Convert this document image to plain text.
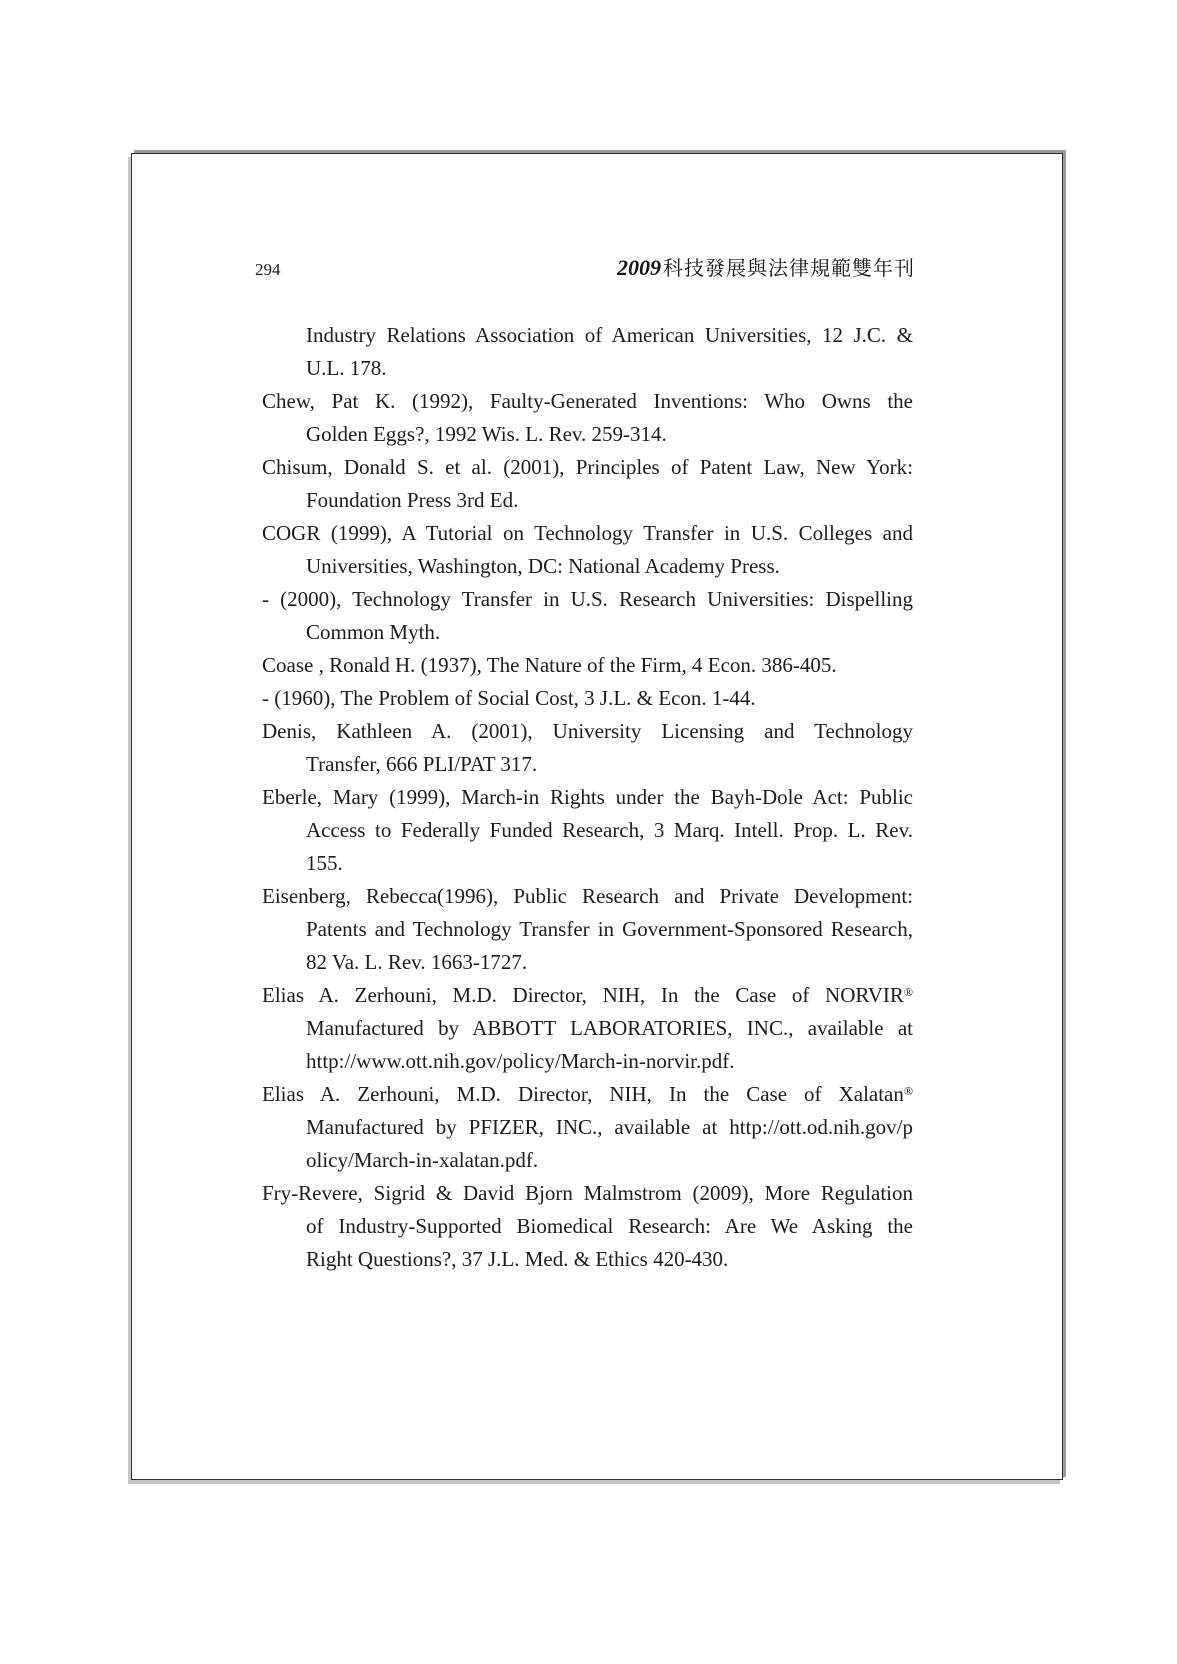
294	2009 科技發展與法律規範雙年刊
Industry Relations Association of American Universities, 12 J.C. &
U.L. 178.
Chew, Pat K. (1992), Faulty-Generated Inventions: Who Owns the
Golden Eggs?, 1992 Wis. L. Rev. 259-314.
Chisum, Donald S. et al. (2001), Principles of Patent Law, New York:
Foundation Press 3rd Ed.
COGR (1999), A Tutorial on Technology Transfer in U.S. Colleges and
Universities, Washington, DC: National Academy Press.
- (2000), Technology Transfer in U.S. Research Universities: Dispelling
Common Myth.
Coase , Ronald H. (1937), The Nature of the Firm, 4 Econ. 386-405.
- (1960), The Problem of Social Cost, 3 J.L. & Econ. 1-44.
Denis, Kathleen A. (2001), University Licensing and Technology
Transfer, 666 PLI/PAT 317.
Eberle, Mary (1999), March-in Rights under the Bayh-Dole Act: Public
Access to Federally Funded Research, 3 Marq. Intell. Prop. L. Rev.
155.
Eisenberg, Rebecca(1996), Public Research and Private Development:
Patents and Technology Transfer in Government-Sponsored Research,
82 Va. L. Rev. 1663-1727.
Elias A. Zerhouni, M.D. Director, NIH, In the Case of NORVIR®
Manufactured by ABBOTT LABORATORIES, INC., available at
http://www.ott.nih.gov/policy/March-in-norvir.pdf.
Elias A. Zerhouni, M.D. Director, NIH, In the Case of Xalatan®
Manufactured by PFIZER, INC., available at http://ott.od.nih.gov/p
olicy/March-in-xalatan.pdf.
Fry-Revere, Sigrid & David Bjorn Malmstrom (2009), More Regulation
of Industry-Supported Biomedical Research: Are We Asking the
Right Questions?, 37 J.L. Med. & Ethics 420-430.
